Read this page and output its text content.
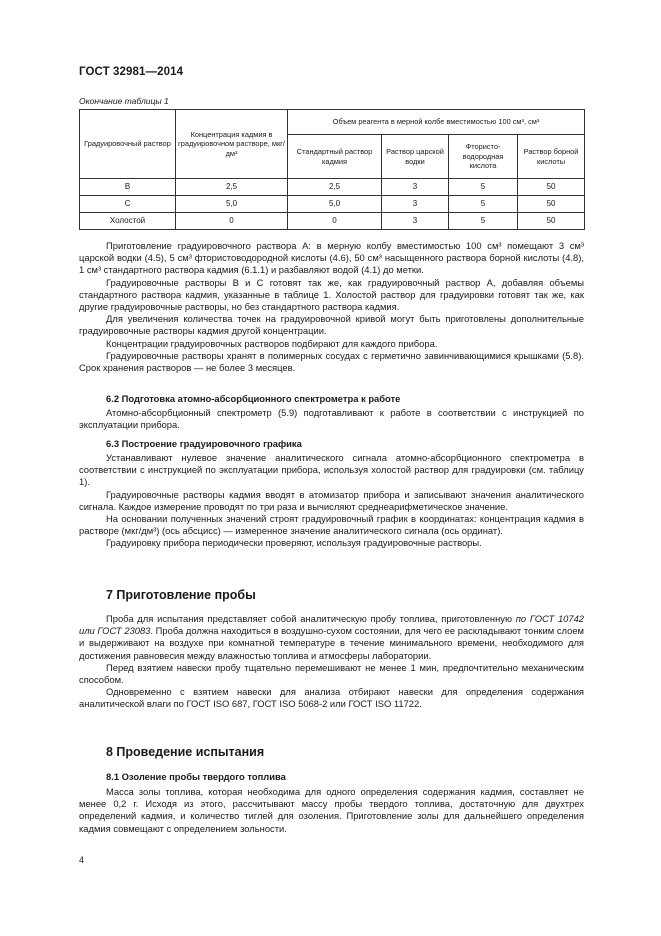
ГОСТ 32981—2014
Окончание таблицы 1
Градуировочный раствор	Концентрация кадмия в градуировочном растворе, мкг/дм³	Объем реагента в мерной колбе вместимостью 100 см³, см³			
		Стандартный раствор кадмия	Раствор царской водки	Фтористо-водородная кислота	Раствор борной кислоты
В	2,5	2,5	3	5	50
С	5,0	5,0	3	5	50
Холостой	0	0	3	5	50

Приготовление градуировочного раствора А: в мерную колбу вместимостью 100 см³ помещают 3 см³ царской водки (4.5), 5 см³ фтористоводородной кислоты (4.6), 50 см³ насыщенного раствора борной кислоты (4.8), 1 см³ стандартного раствора кадмия (6.1.1) и разбавляют водой (4.1) до метки.

Градуировочные растворы В и С готовят так же, как градуировочный раствор А, добавляя объемы стандартного раствора кадмия, указанные в таблице 1. Холостой раствор для градуировки готовят так же, как другие градуировочные растворы, но без стандартного раствора кадмия.

Для увеличения количества точек на градуировочной кривой могут быть приготовлены дополнительные градуировочные растворы кадмия другой концентрации.

Концентрации градуировочных растворов подбирают для каждого прибора.

Градуировочные растворы хранят в полимерных сосудах с герметично завинчивающимися крышками (5.8). Срок хранения растворов — не более 3 месяцев.

6.2 Подготовка атомно-абсорбционного спектрометра к работе

Атомно-абсорбционный спектрометр (5.9) подготавливают к работе в соответствии с инструкцией по эксплуатации прибора.

6.3 Построение градуировочного графика

Устанавливают нулевое значение аналитического сигнала атомно-абсорбционного спектрометра в соответствии с инструкцией по эксплуатации прибора, используя холостой раствор для градуировки (см. таблицу 1).

Градуировочные растворы кадмия вводят в атомизатор прибора и записывают значения аналитического сигнала. Каждое измерение проводят по три раза и вычисляют среднеарифметическое значение.

На основании полученных значений строят градуировочный график в координатах: концентрация кадмия в растворе (мкг/дм³) (ось абсцисс) — измеренное значение аналитического сигнала (ось ординат).

Градуировку прибора периодически проверяют, используя градуировочные растворы.

7 Приготовление пробы

Проба для испытания представляет собой аналитическую пробу топлива, приготовленную по ГОСТ 10742 или ГОСТ 23083. Проба должна находиться в воздушно-сухом состоянии, для чего ее раскладывают тонким слоем и выдерживают на воздухе при комнатной температуре в течение минимального времени, необходимого для достижения равновесия между влажностью топлива и атмосферы лаборатории.

Перед взятием навески пробу тщательно перемешивают не менее 1 мин, предпочтительно механическим способом.

Одновременно с взятием навески для анализа отбирают навески для определения содержания аналитической влаги по ГОСТ ISO 687, ГОСТ ISO 5068-2 или ГОСТ ISO 11722.

8 Проведение испытания
8.1 Озоление пробы твердого топлива

Масса золы топлива, которая необходима для одного определения содержания кадмия, составляет не менее 0,2 г. Исходя из этого, рассчитывают массу пробы твердого топлива, достаточную для двухтрех определений кадмия, и количество тиглей для озоления. Приготовление золы для дальнейшего определения кадмия совмещают с определением зольности.

4
